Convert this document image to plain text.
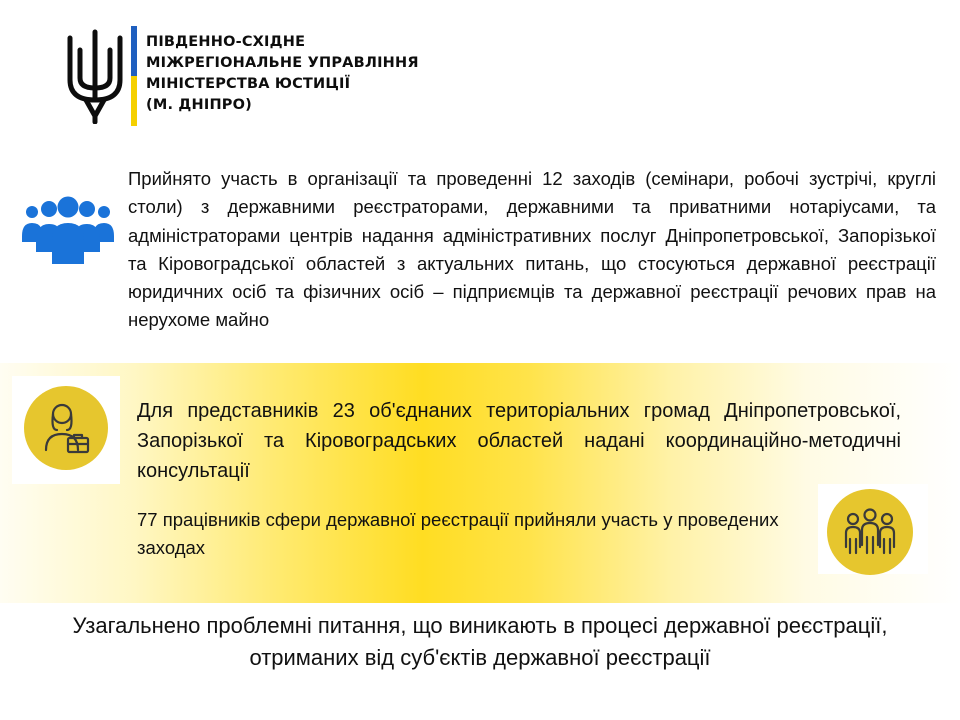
ПІВДЕННО-СХІДНЕ
МІЖРЕГІОНАЛЬНЕ УПРАВЛІННЯ
МІНІСТЕРСТВА ЮСТИЦІЇ
(М. ДНІПРО)
Прийнято участь в організації та проведенні 12 заходів (семінари, робочі зустрічі, круглі столи) з державними реєстраторами, державними та приватними нотаріусами, та адміністраторами центрів надання адміністративних послуг Дніпропетровської, Запорізької та Кіровоградської областей з актуальних питань, що стосуються державної реєстрації юридичних осіб та фізичних осіб – підприємців та державної реєстрації речових прав на нерухоме майно
Для представників 23 об'єднаних територіальних громад Дніпропетровської, Запорізької та Кіровоградських областей надані координаційно-методичні консультації
77 працівників сфери державної реєстрації прийняли участь у проведених заходах
Узагальнено проблемні питання, що виникають в процесі державної реєстрації, отриманих від суб'єктів державної реєстрації
